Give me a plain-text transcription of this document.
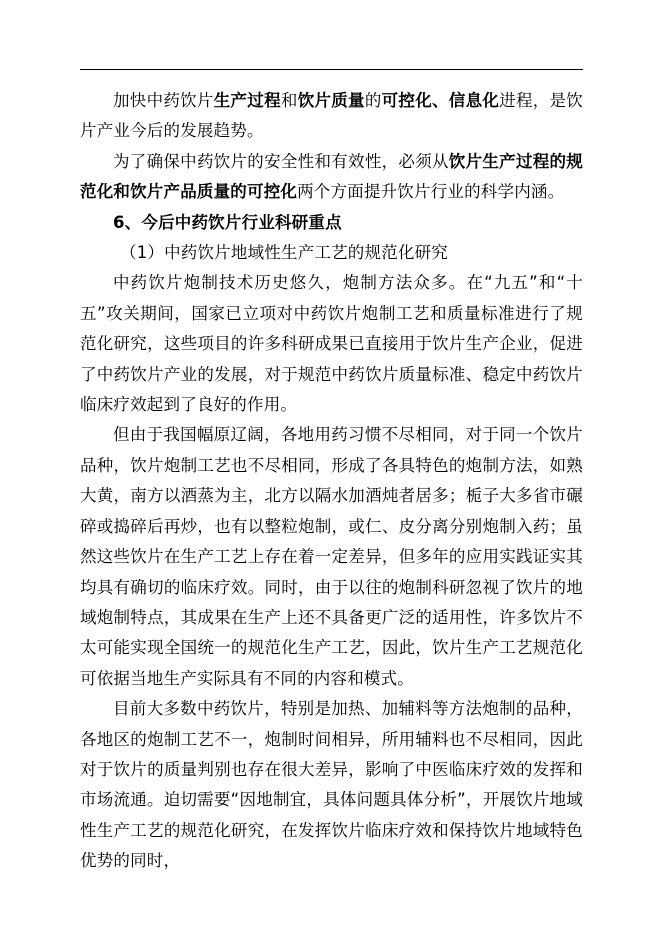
加快中药饮片生产过程和饮片质量的可控化、信息化进程，是饮片产业今后的发展趋势。

为了确保中药饮片的安全性和有效性，必须从饮片生产过程的规范化和饮片产品质量的可控化两个方面提升饮片行业的科学内涵。

6、今后中药饮片行业科研重点

（1）中药饮片地域性生产工艺的规范化研究

中药饮片炮制技术历史悠久，炮制方法众多。在“九五”和“十五”攻关期间，国家已立项对中药饮片炮制工艺和质量标准进行了规范化研究，这些项目的许多科研成果已直接用于饮片生产企业，促进了中药饮片产业的发展，对于规范中药饮片质量标准、稳定中药饮片临床疗效起到了良好的作用。

但由于我国幅原辽阔，各地用药习惯不尽相同，对于同一个饮片品种，饮片炮制工艺也不尽相同，形成了各具特色的炮制方法，如熟大黄，南方以酒蒸为主，北方以隔水加酒炖者居多；栀子大多省市碾碎或捣碎后再炒，也有以整粒炮制，或仁、皮分离分别炮制入药；虽然这些饮片在生产工艺上存在着一定差异，但多年的应用实践证实其均具有确切的临床疗效。同时，由于以往的炮制科研忽视了饮片的地域炮制特点，其成果在生产上还不具备更广泛的适用性，许多饮片不太可能实现全国统一的规范化生产工艺，因此，饮片生产工艺规范化可依据当地生产实际具有不同的内容和模式。

目前大多数中药饮片，特别是加热、加辅料等方法炮制的品种，各地区的炮制工艺不一，炮制时间相异，所用辅料也不尽相同，因此对于饮片的质量判别也存在很大差异，影响了中医临床疗效的发挥和市场流通。迫切需要“因地制宜，具体问题具体分析”，开展饮片地域性生产工艺的规范化研究，在发挥饮片临床疗效和保持饮片地域特色优势的同时，
